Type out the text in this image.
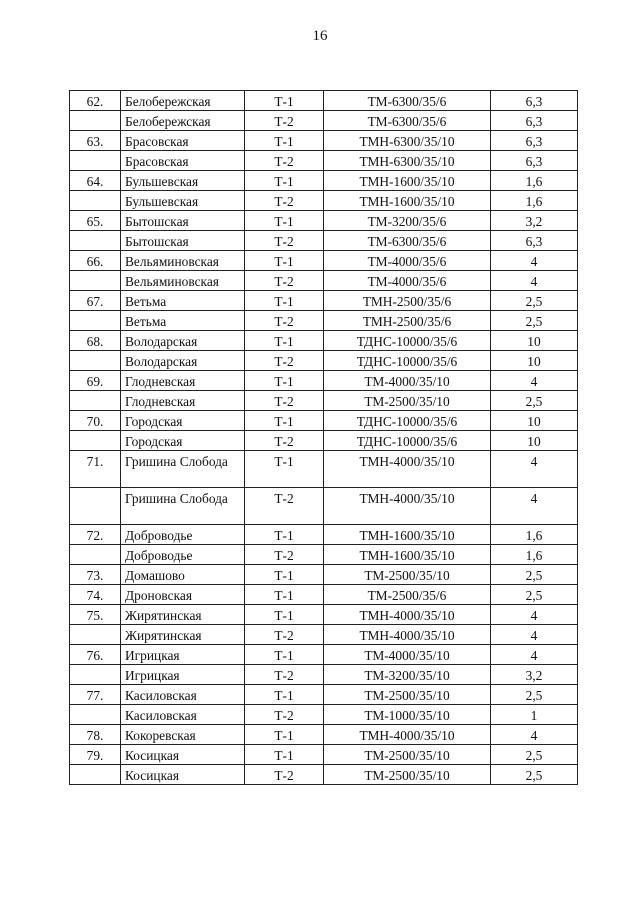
16
62.	Белобережская	Т-1	ТМ-6300/35/6	6,3
	Белобережская	Т-2	ТМ-6300/35/6	6,3
63.	Брасовская	Т-1	ТМН-6300/35/10	6,3
	Брасовская	Т-2	ТМН-6300/35/10	6,3
64.	Бульшевская	Т-1	ТМН-1600/35/10	1,6
	Бульшевская	Т-2	ТМН-1600/35/10	1,6
65.	Бытошская	Т-1	ТМ-3200/35/6	3,2
	Бытошская	Т-2	ТМ-6300/35/6	6,3
66.	Вельяминовская	Т-1	ТМ-4000/35/6	4
	Вельяминовская	Т-2	ТМ-4000/35/6	4
67.	Ветьма	Т-1	ТМН-2500/35/6	2,5
	Ветьма	Т-2	ТМН-2500/35/6	2,5
68.	Володарская	Т-1	ТДНС-10000/35/6	10
	Володарская	Т-2	ТДНС-10000/35/6	10
69.	Глодневская	Т-1	ТМ-4000/35/10	4
	Глодневская	Т-2	ТМ-2500/35/10	2,5
70.	Городская	Т-1	ТДНС-10000/35/6	10
	Городская	Т-2	ТДНС-10000/35/6	10
71.	Гришина Слобода	Т-1	ТМН-4000/35/10	4
	Гришина Слобода	Т-2	ТМН-4000/35/10	4
72.	Доброводье	Т-1	ТМН-1600/35/10	1,6
	Доброводье	Т-2	ТМН-1600/35/10	1,6
73.	Домашово	Т-1	ТМ-2500/35/10	2,5
74.	Дроновская	Т-1	ТМ-2500/35/6	2,5
75.	Жирятинская	Т-1	ТМН-4000/35/10	4
	Жирятинская	Т-2	ТМН-4000/35/10	4
76.	Игрицкая	Т-1	ТМ-4000/35/10	4
	Игрицкая	Т-2	ТМ-3200/35/10	3,2
77.	Касиловская	Т-1	ТМ-2500/35/10	2,5
	Касиловская	Т-2	ТМ-1000/35/10	1
78.	Кокоревская	Т-1	ТМН-4000/35/10	4
79.	Косицкая	Т-1	ТМ-2500/35/10	2,5
	Косицкая	Т-2	ТМ-2500/35/10	2,5
